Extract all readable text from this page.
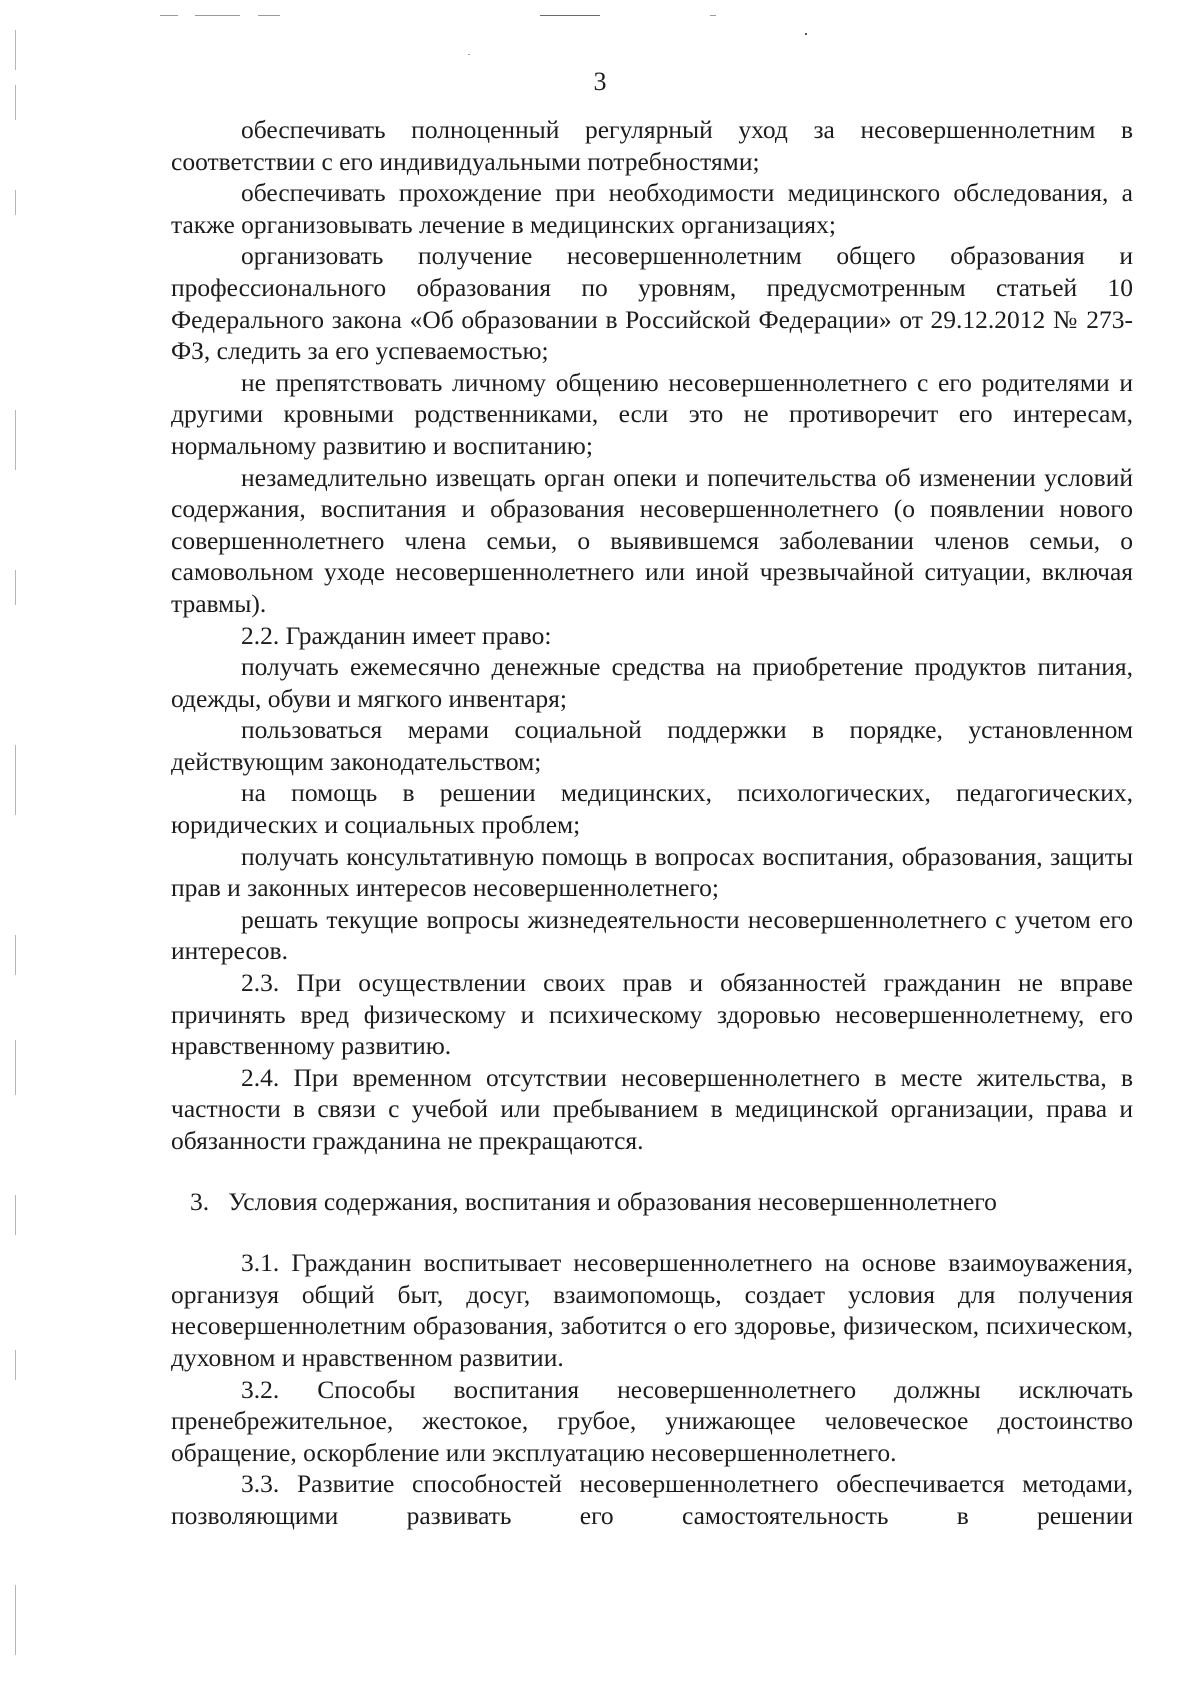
3

обеспечивать полноценный регулярный уход за несовершеннолетним в соответствии с его индивидуальными потребностями;

обеспечивать прохождение при необходимости медицинского обследования, а также организовывать лечение в медицинских организациях;

организовать получение несовершеннолетним общего образования и профессионального образования по уровням, предусмотренным статьей 10 Федерального закона «Об образовании в Российской Федерации» от 29.12.2012 № 273-ФЗ, следить за его успеваемостью;

не препятствовать личному общению несовершеннолетнего с его родителями и другими кровными родственниками, если это не противоречит его интересам, нормальному развитию и воспитанию;

незамедлительно извещать орган опеки и попечительства об изменении условий содержания, воспитания и образования несовершеннолетнего (о появлении нового совершеннолетнего члена семьи, о выявившемся заболевании членов семьи, о самовольном уходе несовершеннолетнего или иной чрезвычайной ситуации, включая травмы).

2.2. Гражданин имеет право:

получать ежемесячно денежные средства на приобретение продуктов питания, одежды, обуви и мягкого инвентаря;

пользоваться мерами социальной поддержки в порядке, установленном действующим законодательством;

на помощь в решении медицинских, психологических, педагогических, юридических и социальных проблем;

получать консультативную помощь в вопросах воспитания, образования, защиты прав и законных интересов несовершеннолетнего;

решать текущие вопросы жизнедеятельности несовершеннолетнего с учетом его интересов.

2.3. При осуществлении своих прав и обязанностей гражданин не вправе причинять вред физическому и психическому здоровью несовершеннолетнему, его нравственному развитию.

2.4. При временном отсутствии несовершеннолетнего в месте жительства, в частности в связи с учебой или пребыванием в медицинской организации, права и обязанности гражданина не прекращаются.

3.   Условия содержания, воспитания и образования несовершеннолетнего

3.1. Гражданин воспитывает несовершеннолетнего на основе взаимоуважения, организуя общий быт, досуг, взаимопомощь, создает условия для получения несовершеннолетним образования, заботится о его здоровье, физическом, психическом, духовном и нравственном развитии.

3.2. Способы воспитания несовершеннолетнего должны исключать пренебрежительное, жестокое, грубое, унижающее человеческое достоинство обращение, оскорбление или эксплуатацию несовершеннолетнего.

3.3. Развитие способностей несовершеннолетнего обеспечивается методами, позволяющими развивать его самостоятельность в решении
